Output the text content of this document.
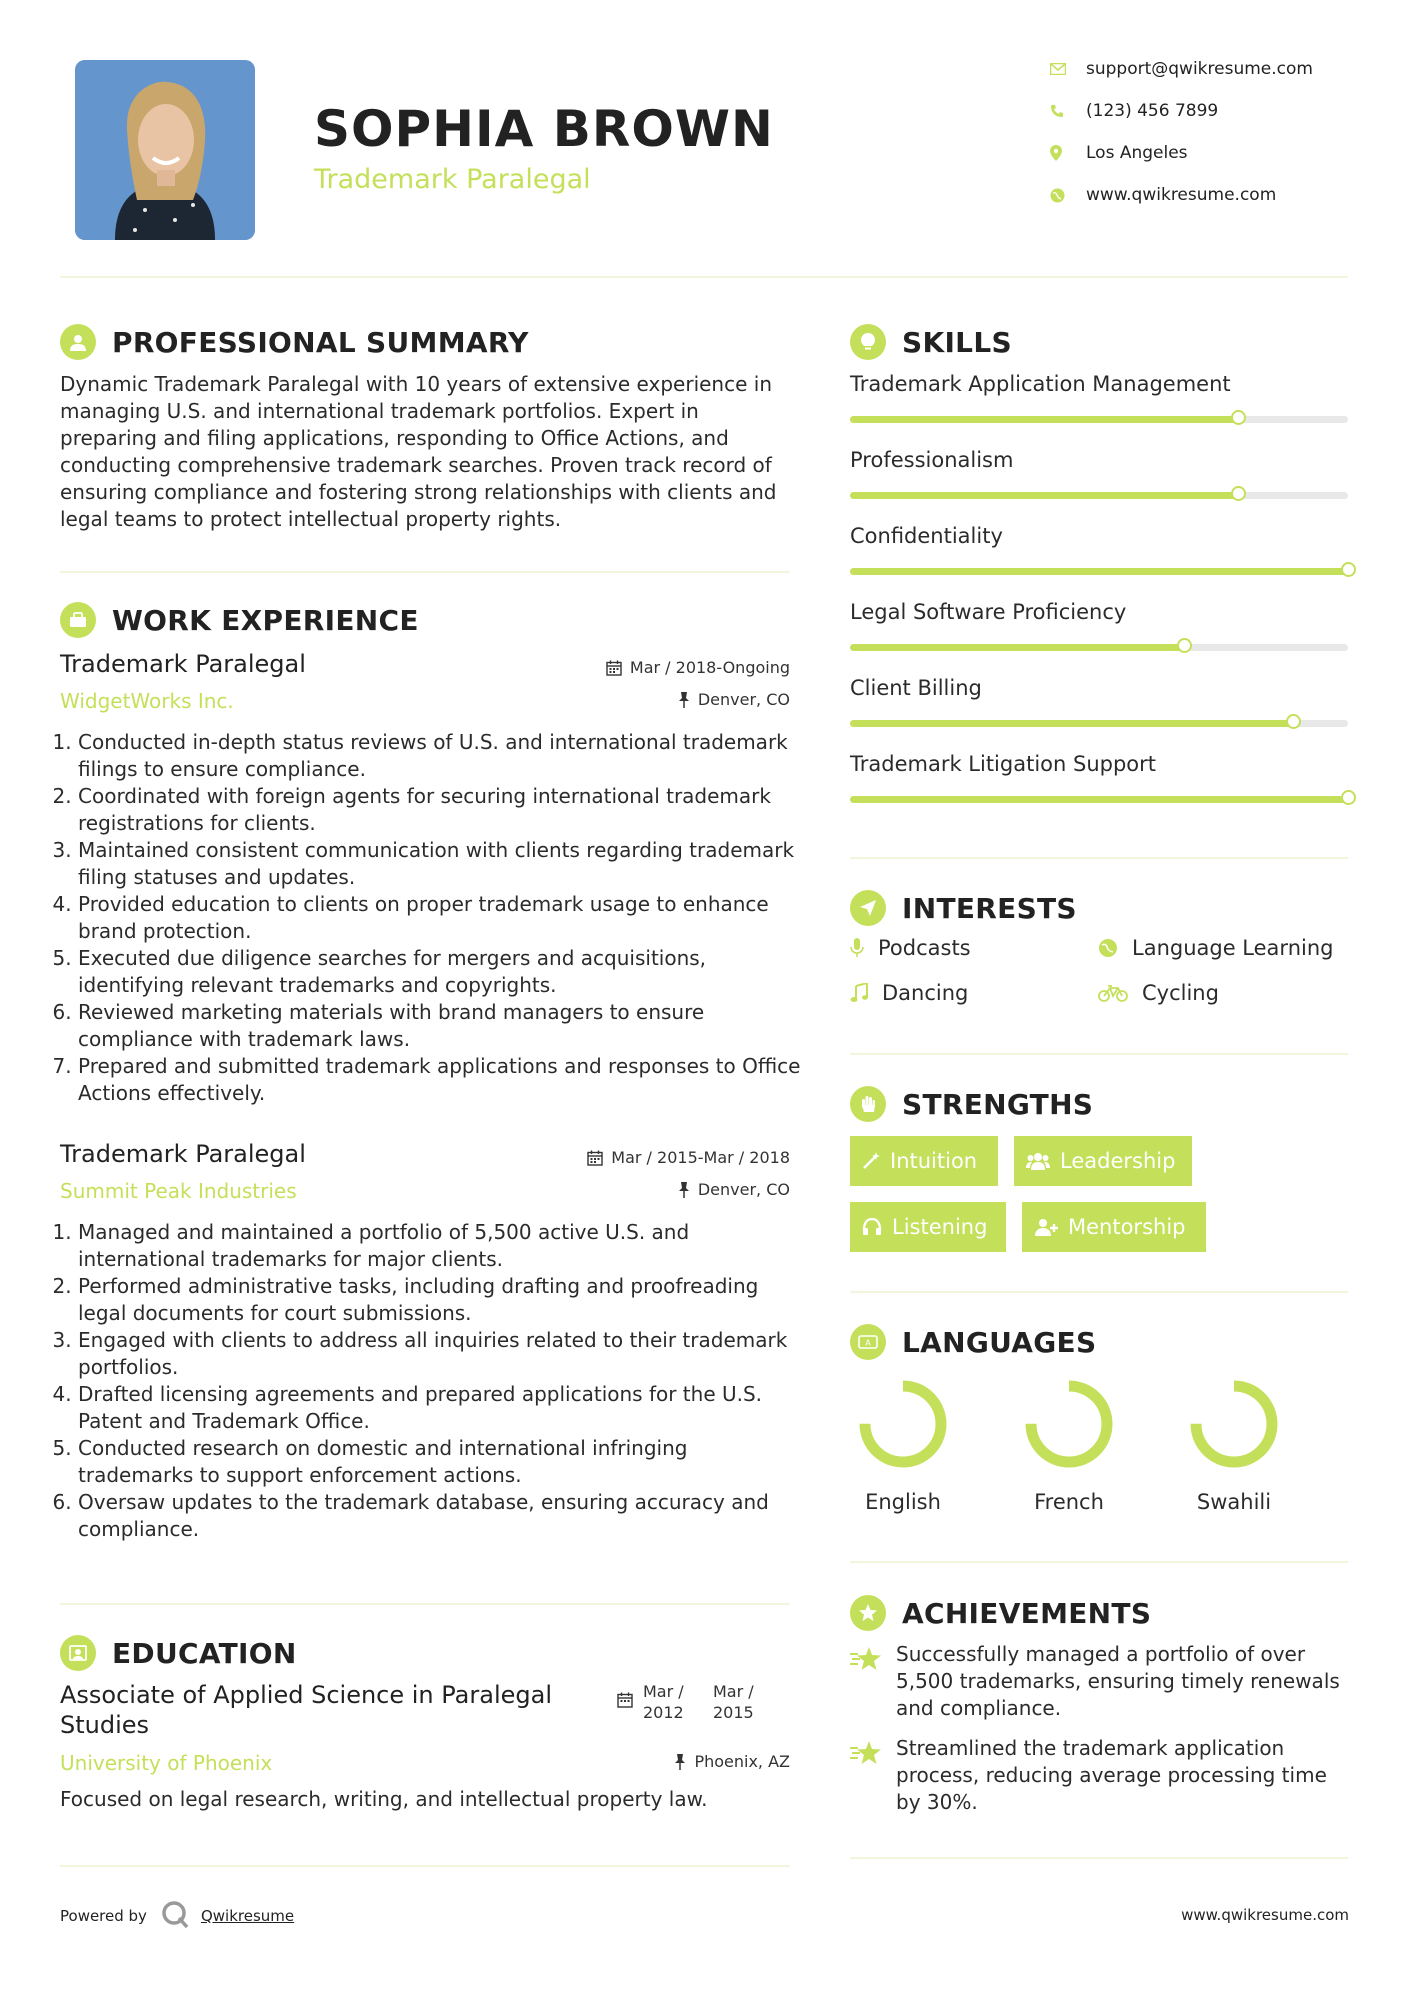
SOPHIA BROWN
Trademark Paralegal
support@qwikresume.com
(123) 456 7899
Los Angeles
www.qwikresume.com
PROFESSIONAL SUMMARY
Dynamic Trademark Paralegal with 10 years of extensive experience in managing U.S. and international trademark portfolios. Expert in preparing and filing applications, responding to Office Actions, and conducting comprehensive trademark searches. Proven track record of ensuring compliance and fostering strong relationships with clients and legal teams to protect intellectual property rights.
WORK EXPERIENCE
Trademark Paralegal	Mar / 2018-Ongoing
WidgetWorks Inc.	Denver, CO
1. Conducted in-depth status reviews of U.S. and international trademark filings to ensure compliance.
2. Coordinated with foreign agents for securing international trademark registrations for clients.
3. Maintained consistent communication with clients regarding trademark filing statuses and updates.
4. Provided education to clients on proper trademark usage to enhance brand protection.
5. Executed due diligence searches for mergers and acquisitions, identifying relevant trademarks and copyrights.
6. Reviewed marketing materials with brand managers to ensure compliance with trademark laws.
7. Prepared and submitted trademark applications and responses to Office Actions effectively.
Trademark Paralegal	Mar / 2015-Mar / 2018
Summit Peak Industries	Denver, CO
1. Managed and maintained a portfolio of 5,500 active U.S. and international trademarks for major clients.
2. Performed administrative tasks, including drafting and proofreading legal documents for court submissions.
3. Engaged with clients to address all inquiries related to their trademark portfolios.
4. Drafted licensing agreements and prepared applications for the U.S. Patent and Trademark Office.
5. Conducted research on domestic and international infringing trademarks to support enforcement actions.
6. Oversaw updates to the trademark database, ensuring accuracy and compliance.
EDUCATION
Associate of Applied Science in Paralegal Studies
Mar / 2012
Mar / 2015
University of Phoenix	Phoenix, AZ
Focused on legal research, writing, and intellectual property law.
SKILLS
Trademark Application Management
Professionalism
Confidentiality
Legal Software Proficiency
Client Billing
Trademark Litigation Support
INTERESTS
Podcasts	Language Learning
Dancing	Cycling
STRENGTHS
Intuition	Leadership
Listening	Mentorship
A LANGUAGES
English	French	Swahili
ACHIEVEMENTS
Successfully managed a portfolio of over 5,500 trademarks, ensuring timely renewals and compliance.
Streamlined the trademark application process, reducing average processing time by 30%.
Powered by	Qwikresume	www.qwikresume.com
